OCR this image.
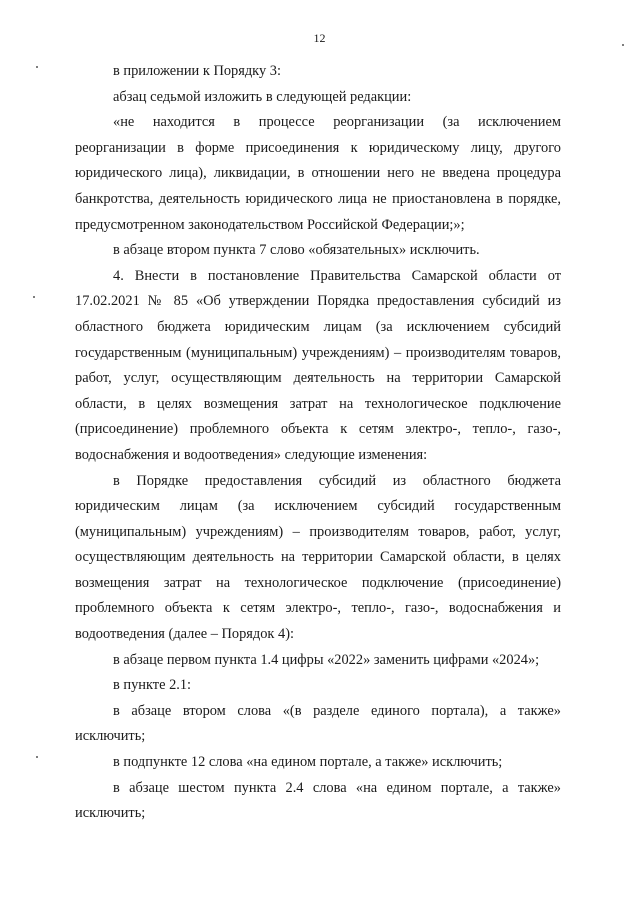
12

в приложении к Порядку 3:

абзац седьмой изложить в следующей редакции:

«не находится в процессе реорганизации (за исключением реорганизации в форме присоединения к юридическому лицу, другого юридического лица), ликвидации, в отношении него не введена процедура банкротства, деятельность юридического лица не приостановлена в порядке, предусмотренном законодательством Российской Федерации;»;

в абзаце втором пункта 7 слово «обязательных» исключить.

4. Внести в постановление Правительства Самарской области от 17.02.2021 № 85 «Об утверждении Порядка предоставления субсидий из областного бюджета юридическим лицам (за исключением субсидий государственным (муниципальным) учреждениям) – производителям товаров, работ, услуг, осуществляющим деятельность на территории Самарской области, в целях возмещения затрат на технологическое подключение (присоединение) проблемного объекта к сетям электро-, тепло-, газо-, водоснабжения и водоотведения» следующие изменения:

в Порядке предоставления субсидий из областного бюджета юридическим лицам (за исключением субсидий государственным (муниципальным) учреждениям) – производителям товаров, работ, услуг, осуществляющим деятельность на территории Самарской области, в целях возмещения затрат на технологическое подключение (присоединение) проблемного объекта к сетям электро-, тепло-, газо-, водоснабжения и водоотведения (далее – Порядок 4):

в абзаце первом пункта 1.4 цифры «2022» заменить цифрами «2024»;

в пункте 2.1:

в абзаце втором слова «(в разделе единого портала), а также» исключить;

в подпункте 12 слова «на едином портале, а также» исключить;

в абзаце шестом пункта 2.4 слова «на едином портале, а также» исключить;
